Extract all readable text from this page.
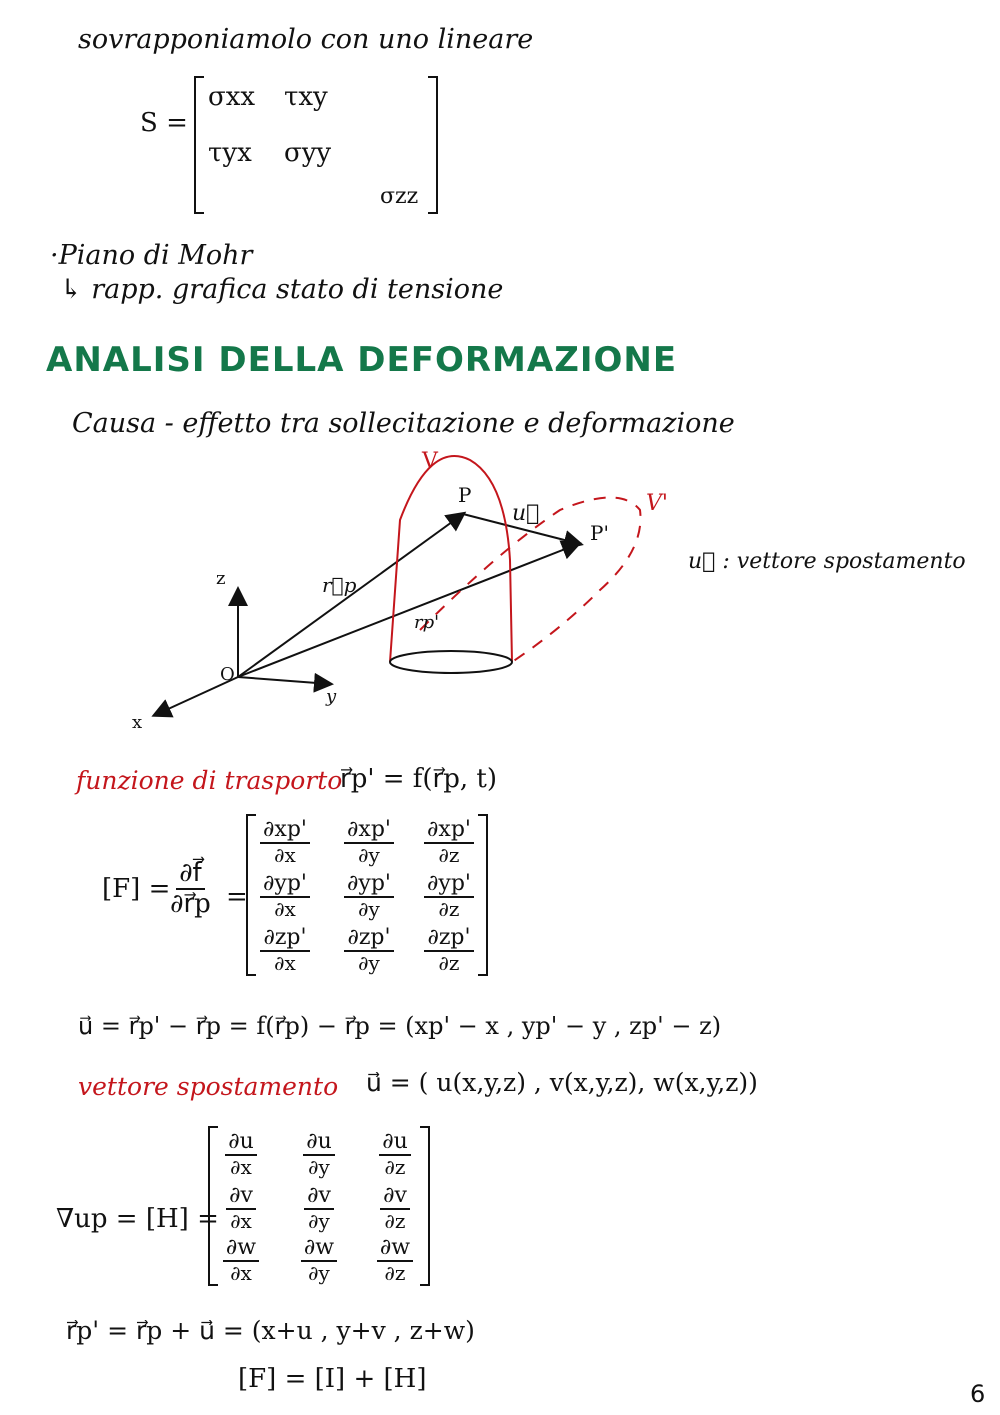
sovrapponiamolo con uno lineare
S =
σxx τxy
τyx σyy
σzz
·Piano di Mohr
↳ rapp. grafica stato di tensione
ANALISI DELLA DEFORMAZIONE
Causa - effetto tra sollecitazione e deformazione
V
V'
P
P'
u⃗
r⃗p
rp'
z
y
x
O
u⃗ : vettore spostamento
funzione di trasporto
r⃗p' = f(r⃗p, t)
$[F] = \frac{\partial f⃗}{\partial r⃗p}$ =
$\frac{\partial xp'}{\partial x} \frac{\partial xp'}{\partial y} \frac{\partial xp'}{\partial z}$
$\frac{\partial yp'}{\partial x} \frac{\partial yp'}{\partial y} \frac{\partial yp'}{\partial z}$
$\frac{\partial zp'}{\partial x} \frac{\partial zp'}{\partial y} \frac{\partial zp'}{\partial z}$
u⃗ = r⃗p' − r⃗p = f(r⃗p) − r⃗p = (xp' − x , yp' − y , zp' − z)
vettore spostamento u⃗ = ( u(x,y,z) , v(x,y,z), w(x,y,z))
∇up = [H] =
$\frac{\partial u}{\partial x} \frac{\partial u}{\partial y} \frac{\partial u}{\partial z}$
$\frac{\partial v}{\partial x} \frac{\partial v}{\partial y} \frac{\partial v}{\partial z}$
$\frac{\partial w}{\partial x} \frac{\partial w}{\partial y} \frac{\partial w}{\partial z}$
r⃗p' = r⃗p + u⃗ = (x+u , y+v , z+w)
[F] = [I] + [H]	6
